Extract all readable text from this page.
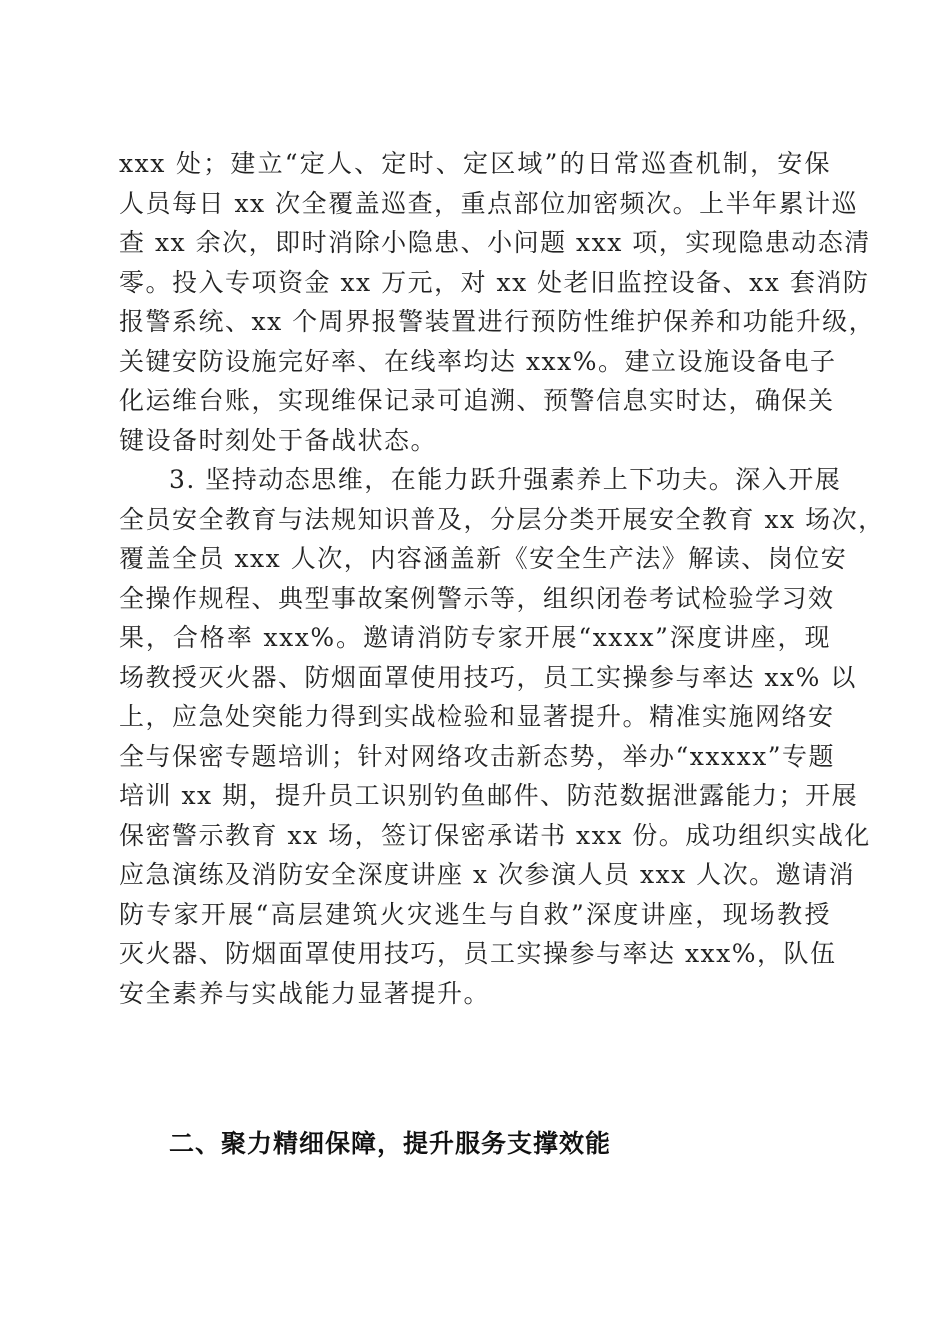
xxx 处；建立“定人、定时、定区域”的日常巡查机制，安保
人员每日 xx 次全覆盖巡查，重点部位加密频次。上半年累计巡
查 xx 余次，即时消除小隐患、小问题 xxx 项，实现隐患动态清
零。投入专项资金 xx 万元，对 xx 处老旧监控设备、xx 套消防
报警系统、xx 个周界报警装置进行预防性维护保养和功能升级，
关键安防设施完好率、在线率均达 xxx%。建立设施设备电子
化运维台账，实现维保记录可追溯、预警信息实时达，确保关
键设备时刻处于备战状态。
3. 坚持动态思维，在能力跃升强素养上下功夫。深入开展
全员安全教育与法规知识普及，分层分类开展安全教育 xx 场次，
覆盖全员 xxx 人次，内容涵盖新《安全生产法》解读、岗位安
全操作规程、典型事故案例警示等，组织闭卷考试检验学习效
果，合格率 xxx%。邀请消防专家开展“xxxx”深度讲座，现
场教授灭火器、防烟面罩使用技巧，员工实操参与率达 xx% 以
上，应急处突能力得到实战检验和显著提升。精准实施网络安
全与保密专题培训；针对网络攻击新态势，举办“xxxxx”专题
培训 xx 期，提升员工识别钓鱼邮件、防范数据泄露能力；开展
保密警示教育 xx 场，签订保密承诺书 xxx 份。成功组织实战化
应急演练及消防安全深度讲座 x 次参演人员 xxx 人次。邀请消
防专家开展“高层建筑火灾逃生与自救”深度讲座，现场教授
灭火器、防烟面罩使用技巧，员工实操参与率达 xxx%，队伍
安全素养与实战能力显著提升。
二、聚力精细保障，提升服务支撑效能
